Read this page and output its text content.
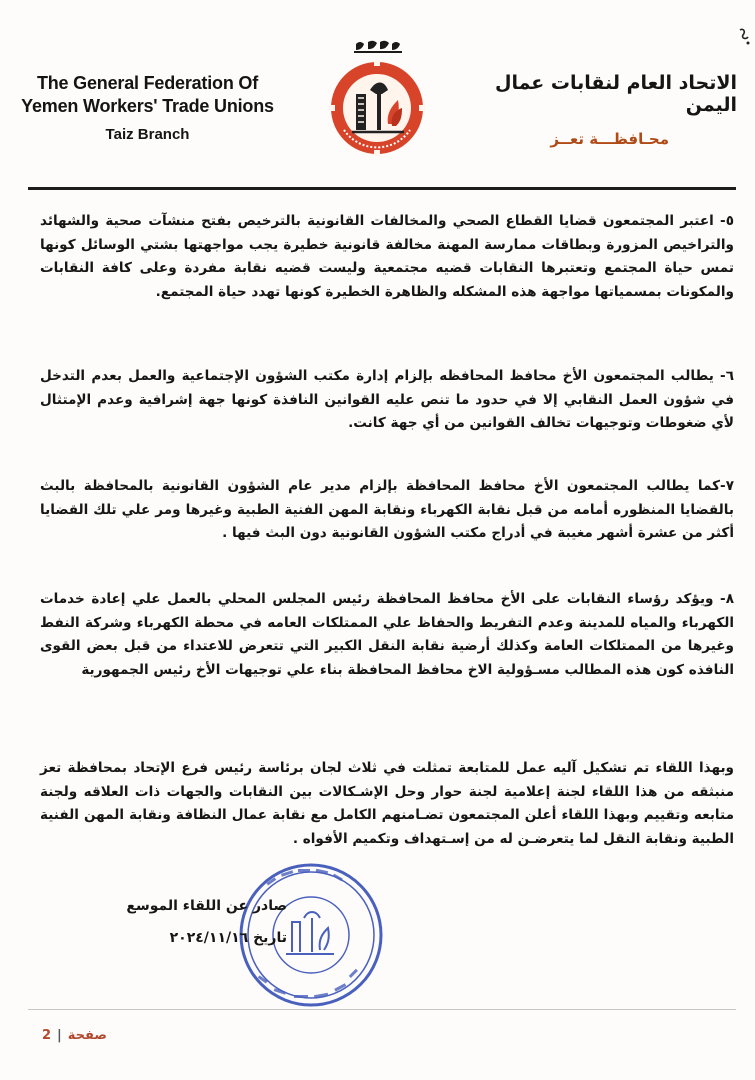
The General Federation Of
Yemen Workers' Trade Unions
Taiz Branch
الاتحاد العام لنقابات عمال اليمن
محـافظـــة تعــز
٥- اعتبر المجتمعون قضايا القطاع الصحي والمخالفات القانونية بالترخيص بفتح منشآت صحية والشهائد والتراخيص المزورة وبطاقات ممارسة المهنة مخالفة قانونية خطيرة يجب مواجهتها بشتي الوسائل كونها تمس حياة المجتمع وتعتبرها النقابات قضيه مجتمعية وليست قضيه نقابة مفردة وعلى كافة النقابات والمكونات بمسمياتها مواجهة هذه المشكله والظاهرة الخطيرة كونها تهدد حياة المجتمع.
٦- يطالب المجتمعون الأخ محافظ المحافظه بإلزام إدارة مكتب الشؤون الإجتماعية والعمل بعدم التدخل في شؤون العمل النقابي إلا في حدود ما تنص عليه القوانين النافذة كونها جهة إشرافية وعدم الإمتثال لأي ضغوطات وتوجيهات تخالف القوانين من أي جهة كانت.
٧-كما يطالب المجتمعون الأخ محافظ المحافظة بإلزام مدير عام الشؤون القانونية بالمحافظة بالبث بالقضايا المنظوره أمامه من قبل نقابة الكهرباء ونقابة المهن الفنية الطبية وغيرها ومر علي تلك القضايا أكثر من عشرة أشهر مغيبة في أدراج مكتب الشؤون القانونية دون البث فيها .
٨- ويؤكد رؤساء النقابات على الأخ محافظ المحافظة رئيس المجلس المحلي بالعمل علي إعادة خدمات الكهرباء والمياه للمدينة وعدم التفريط والحفاظ علي الممتلكات العامه في محطة الكهرباء وشركة النفط وغيرها من الممتلكات العامة وكذلك أرضية نقابة النقل الكبير التي تتعرض للاعتداء من قبل بعض القوى النافذه كون هذه المطالب مسـؤولية الاخ محافظ المحافظة بناء علي توجيهات الأخ رئيس الجمهورية
وبهذا اللقاء تم تشكيل آليه عمل للمتابعة تمثلت في ثلاث لجان برئاسة رئيس فرع الإتحاد بمحافظة تعز منبثقه من هذا اللقاء لجنة إعلامية لجنة حوار وحل الإشـكالات بين النقابات والجهات ذات العلاقه ولجنة متابعه وتقييم وبهذا اللقاء أعلن المجتمعون تضـامنهم الكامل مع نقابة عمال النظافة ونقابة المهن الفنية الطبية ونقابة النقل لما يتعرضـن له من إسـتهداف وتكميم الأفواه .
صادر عن اللقاء الموسع
تاريخ ٢٠٢٤/١١/١٦
صفحة|2
